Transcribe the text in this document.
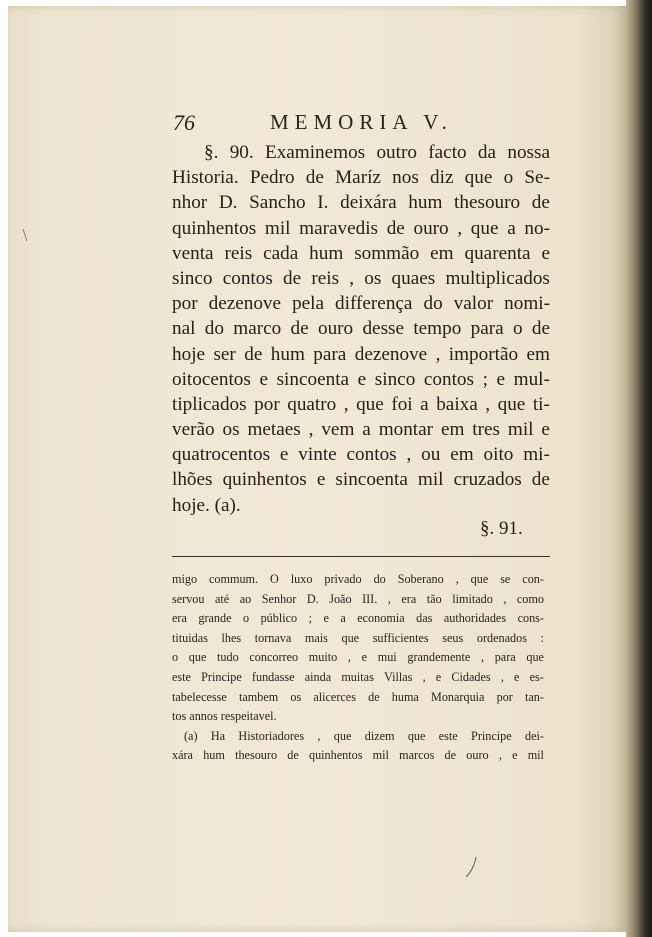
76	MEMORIA V.
§. 90. Examinemos outro facto da nossa
Historia. Pedro de Maríz nos diz que o Se-
nhor D. Sancho I. deixára hum thesouro de
quinhentos mil maravedis de ouro , que a no-
venta reis cada hum sommão em quarenta e
sinco contos de reis , os quaes multiplicados
por dezenove pela differença do valor nomi-
nal do marco de ouro desse tempo para o de
hoje ser de hum para dezenove , importão em
oitocentos e sincoenta e sinco contos ; e mul-
tiplicados por quatro , que foi a baixa , que ti-
verão os metaes , vem a montar em tres mil e
quatrocentos e vinte contos , ou em oito mi-
lhões quinhentos e sincoenta mil cruzados de
hoje.
(a).
§. 91.
migo commum. O luxo privado do Soberano , que se con-
servou até ao Senhor D. João III. , era tão limitado , como
era grande o público ; e a economia das authoridades cons-
tituidas lhes tornava mais que sufficientes seus ordenados :
o que tudo concorreo muito , e mui grandemente , para que
este Principe fundasse ainda muitas Villas , e Cidades , e es-
tabelecesse tambem os alicerces de huma Monarquia por tan-
tos
annos
respeitavel.
(a) Ha Historiadores , que dizem que este Principe dei-
xára hum thesouro de quinhentos mil marcos de ouro , e mil
